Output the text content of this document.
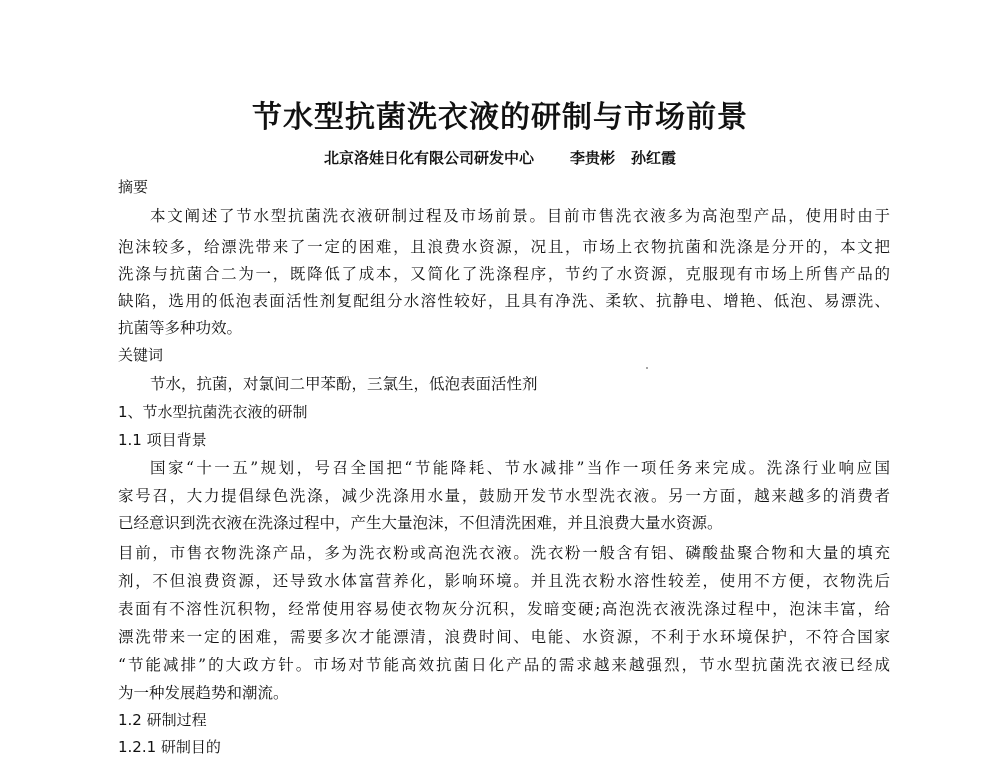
节水型抗菌洗衣液的研制与市场前景
北京洛娃日化有限公司研发中心 李贵彬 孙红霞
摘要
本文阐述了节水型抗菌洗衣液研制过程及市场前景。目前市售洗衣液多为高泡型产品，使用时由于
泡沫较多，给漂洗带来了一定的困难，且浪费水资源，况且，市场上衣物抗菌和洗涤是分开的，本文把
洗涤与抗菌合二为一，既降低了成本，又简化了洗涤程序，节约了水资源，克服现有市场上所售产品的
缺陷，选用的低泡表面活性剂复配组分水溶性较好，且具有净洗、柔软、抗静电、增艳、低泡、易漂洗、
抗菌等多种功效。
关键词
节水，抗菌，对氯间二甲苯酚，三氯生，低泡表面活性剂
1、节水型抗菌洗衣液的研制
1.1 项目背景
国家“十一五”规划，号召全国把“节能降耗、节水减排”当作一项任务来完成。洗涤行业响应国
家号召，大力提倡绿色洗涤，减少洗涤用水量，鼓励开发节水型洗衣液。另一方面，越来越多的消费者
已经意识到洗衣液在洗涤过程中，产生大量泡沫，不但清洗困难，并且浪费大量水资源。
目前，市售衣物洗涤产品，多为洗衣粉或高泡洗衣液。洗衣粉一般含有铝、磷酸盐聚合物和大量的填充
剂，不但浪费资源，还导致水体富营养化，影响环境。并且洗衣粉水溶性较差，使用不方便，衣物洗后
表面有不溶性沉积物，经常使用容易使衣物灰分沉积，发暗变硬;高泡洗衣液洗涤过程中，泡沫丰富，给
漂洗带来一定的困难，需要多次才能漂清，浪费时间、电能、水资源，不利于水环境保护，不符合国家
“节能减排”的大政方针。市场对节能高效抗菌日化产品的需求越来越强烈，节水型抗菌洗衣液已经成
为一种发展趋势和潮流。
1.2 研制过程
1.2.1 研制目的
